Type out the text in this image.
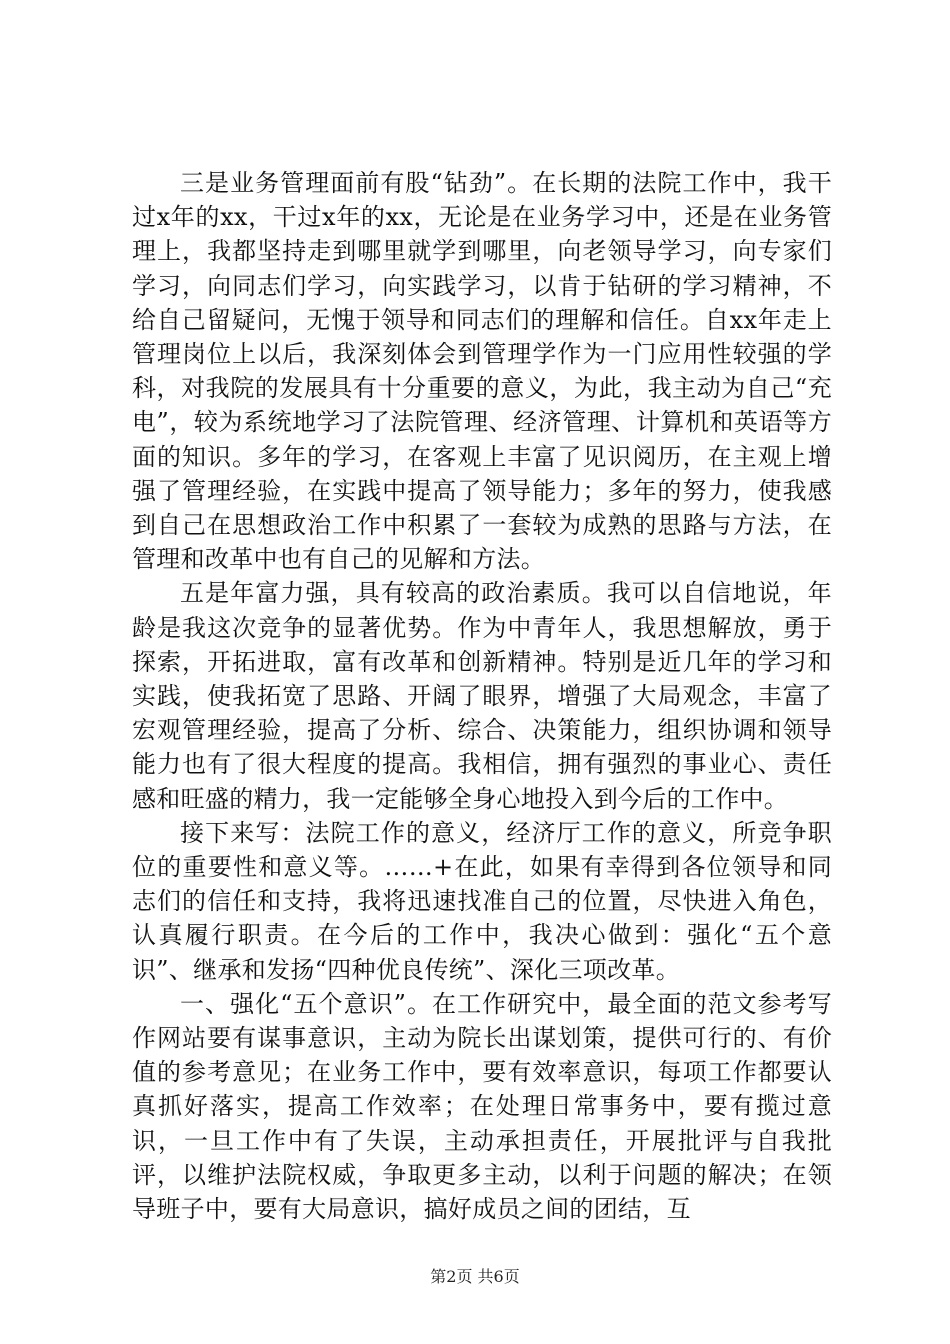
三是业务管理面前有股“钻劲”。在长期的法院工作中，我干过x年的xx，干过x年的xx，无论是在业务学习中，还是在业务管理上，我都坚持走到哪里就学到哪里，向老领导学习，向专家们学习，向同志们学习，向实践学习，以肯于钻研的学习精神，不给自己留疑问，无愧于领导和同志们的理解和信任。自xx年走上管理岗位上以后，我深刻体会到管理学作为一门应用性较强的学科，对我院的发展具有十分重要的意义，为此，我主动为自己“充电”，较为系统地学习了法院管理、经济管理、计算机和英语等方面的知识。多年的学习，在客观上丰富了见识阅历，在主观上增强了管理经验，在实践中提高了领导能力；多年的努力，使我感到自己在思想政治工作中积累了一套较为成熟的思路与方法，在管理和改革中也有自己的见解和方法。

五是年富力强，具有较高的政治素质。我可以自信地说，年龄是我这次竞争的显著优势。作为中青年人，我思想解放，勇于探索，开拓进取，富有改革和创新精神。特别是近几年的学习和实践，使我拓宽了思路、开阔了眼界，增强了大局观念，丰富了宏观管理经验，提高了分析、综合、决策能力，组织协调和领导能力也有了很大程度的提高。我相信，拥有强烈的事业心、责任感和旺盛的精力，我一定能够全身心地投入到今后的工作中。

接下来写：法院工作的意义，经济厅工作的意义，所竞争职位的重要性和意义等。……+在此，如果有幸得到各位领导和同志们的信任和支持，我将迅速找准自己的位置，尽快进入角色，认真履行职责。在今后的工作中，我决心做到：强化“五个意识”、继承和发扬“四种优良传统”、深化三项改革。

一、强化“五个意识”。在工作研究中，最全面的范文参考写作网站要有谋事意识，主动为院长出谋划策，提供可行的、有价值的参考意见；在业务工作中，要有效率意识，每项工作都要认真抓好落实，提高工作效率；在处理日常事务中，要有揽过意识，一旦工作中有了失误，主动承担责任，开展批评与自我批评，以维护法院权威，争取更多主动，以利于问题的解决；在领导班子中，要有大局意识，搞好成员之间的团结，互

第2页 共6页
